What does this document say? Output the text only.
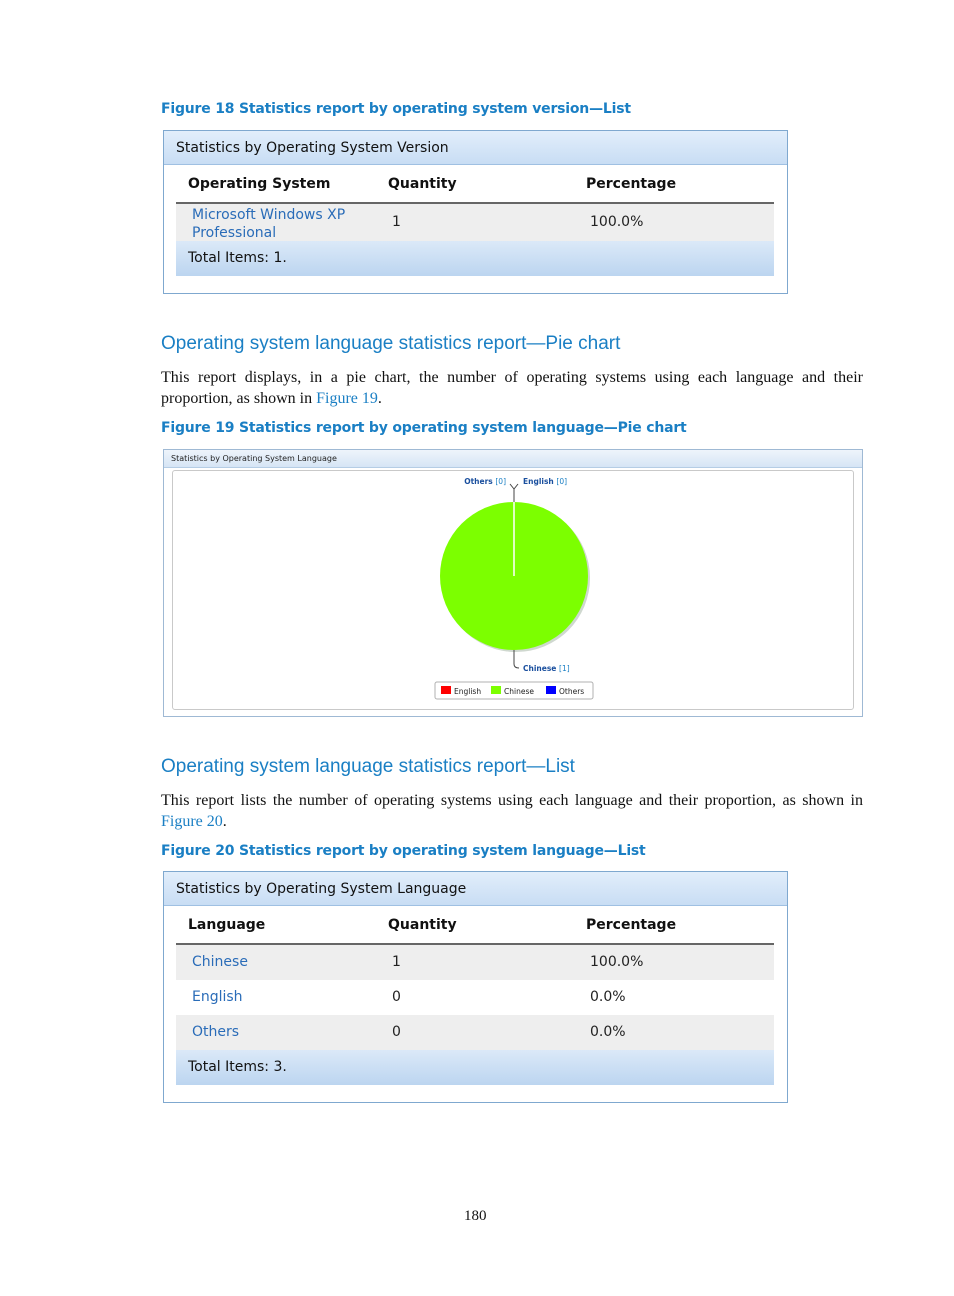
Figure 18 Statistics report by operating system version—List
Statistics by Operating System Version
Operating System	Quantity	Percentage
Microsoft Windows XP
Professional
1	100.0%
Total Items: 1.
Operating system language statistics report—Pie chart
This report displays, in a pie chart, the number of operating systems using each language and their proportion, as shown in Figure 19.
Figure 19 Statistics report by operating system language—Pie chart
Statistics by Operating System Language
Others [0] English [0]
Chinese [1]
English	Chinese	Others
Operating system language statistics report—List
This report lists the number of operating systems using each language and their proportion, as shown in Figure 20.
Figure 20 Statistics report by operating system language—List
Statistics by Operating System Language
Language	Quantity	Percentage
Chinese	1	100.0%
English	0	0.0%
Others	0	0.0%
Total Items: 3.
180
